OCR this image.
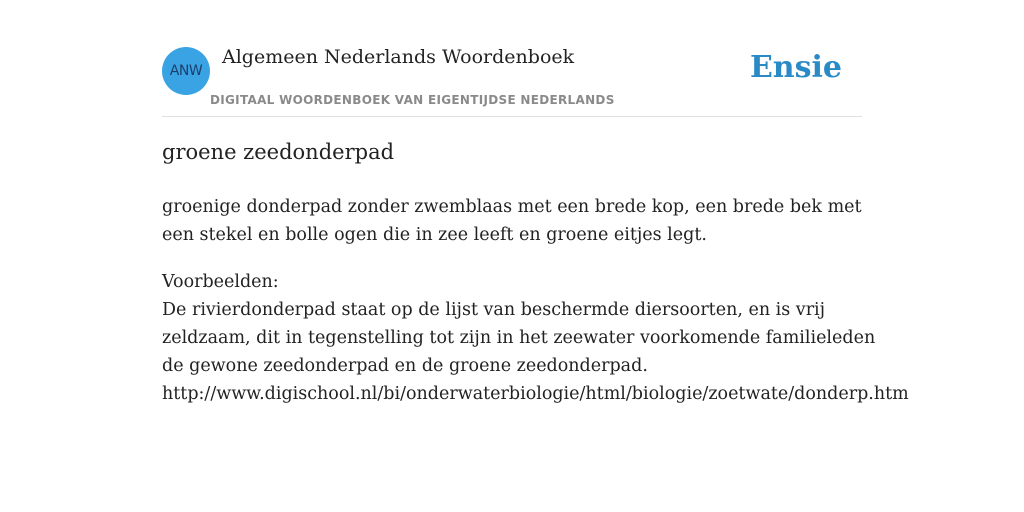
ANW
Algemeen Nederlands Woordenboek
DIGITAAL WOORDENBOEK VAN EIGENTIJDSE NEDERLANDS
Ensie
groene zeedonderpad
groenige donderpad zonder zwemblaas met een brede kop, een brede bek met
een stekel en bolle ogen die in zee leeft en groene eitjes legt.
Voorbeelden:
De rivierdonderpad staat op de lijst van beschermde diersoorten, en is vrij
zeldzaam, dit in tegenstelling tot zijn in het zeewater voorkomende familieleden
de gewone zeedonderpad en de groene zeedonderpad.
http://www.digischool.nl/bi/onderwaterbiologie/html/biologie/zoetwate/donderp.htm
